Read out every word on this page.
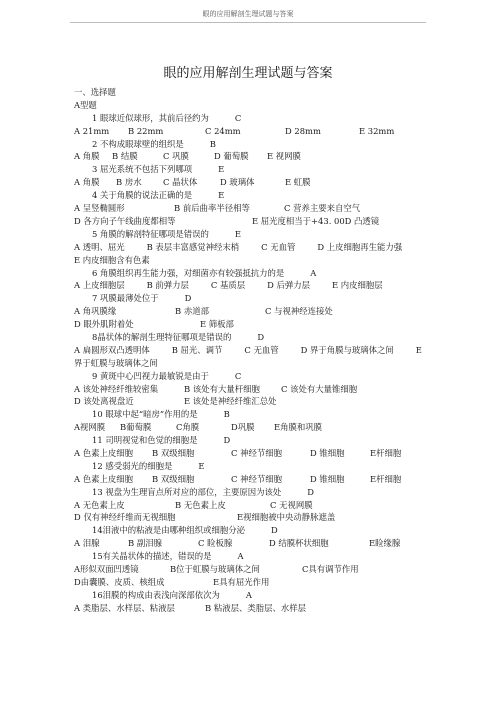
眼的应用解剖生理试题与答案
眼的应用解剖生理试题与答案
一、选择题
A型题
1 眼球近似球形，其前后径约为	C
A 21mm B 22mm	C 24mm	D 28mm	E 32mm
2 不构成眼球壁的组织是	B
A 角膜 B 结膜	C 巩膜	D 葡萄膜 E 视网膜
3 屈光系统不包括下列哪项	E
A 角膜 B 房水	C 晶状体	D 玻璃体	E 虹膜
4 关于角膜的说法正确的是	E
A 呈竖椭圆形	B 前后曲率半径相等	C 营养主要来自空气
D 各方向子午线曲度都相等	E 屈光度相当于+43. 00D 凸透镜
5 角膜的解剖特征哪项是错误的	E
A 透明、屈光	B 表层丰富感觉神经末梢	C 无血管	D 上皮细胞再生能力强E 内皮细胞含有色素
6 角膜组织再生能力强，对细菌亦有较强抵抗力的是	A
A 上皮细胞层	B 前弹力层	C 基质层	D 后弹力层	E 内皮细胞层
7 巩膜最薄处位于	D
A 角巩膜缘	B 赤道部	C 与视神经连接处
D 眼外肌附着处	E 筛板部
8晶状体的解剖生理特征哪项是错误的	D
A 扁圆形双凸透明体	B 屈光、调节	C 无血管	D 界于角膜与玻璃体之间	E界于虹膜与玻璃体之间
9 黄斑中心凹视力最敏锐是由于	C
A 该处神经纤维较密集	B 该处有大量杆细胞	C 该处有大量锥细胞
D 该处离视盘近	E 该处是神经纤维汇总处
10 眼球中起“暗房”作用的是	B
A视网膜 B葡萄膜	C角膜	D巩膜 E角膜和巩膜
11 司明视觉和色觉的细胞是	D
A 色素上皮细胞 B 双级细胞	C 神经节细胞	D 锥细胞	E杆细胞
12 感受弱光的细胞是	E
A 色素上皮细胞 B 双级细胞	C 神经节细胞	D 锥细胞	E杆细胞
13 视盘为生理盲点所对应的部位，主要原因为该处	D
A 无色素上皮	B 无色素上皮	C 无视网膜
D 仅有神经纤维而无视细胞	E视细胞被中央动静脉遮盖
14泪液中的粘液是由哪种组织或细胞分泌	D
A 泪腺	B 副泪腺	C 睑板腺	D 结膜杯状细胞	E睑缘腺
15有关晶状体的描述，错误的是	A
A形似双面凹透镜	B位于虹膜与玻璃体之间	C具有调节作用
D由囊膜、皮质、核组成	E具有屈光作用
16泪膜的构成由表浅向深部依次为	A
A 类脂层、水样层、粘液层	B 粘液层、类脂层、水样层
